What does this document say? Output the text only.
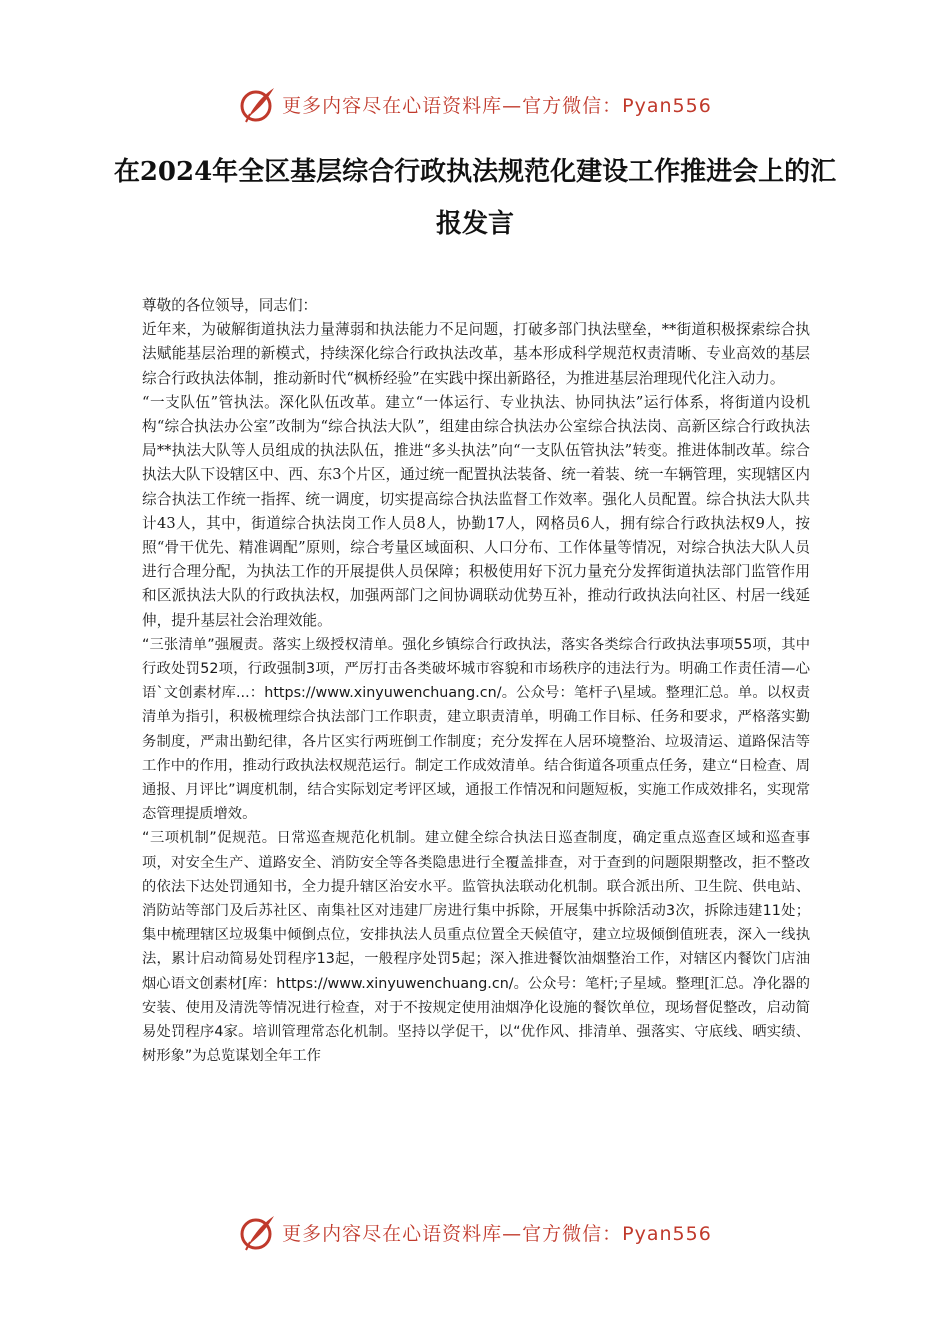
更多内容尽在心语资料库—官方微信：Pyan556
在2024年全区基层综合行政执法规范化建设工作推进会上的汇报发言

尊敬的各位领导，同志们：

近年来，为破解街道执法力量薄弱和执法能力不足问题，打破多部门执法壁垒，**街道积极探索综合执法赋能基层治理的新模式，持续深化综合行政执法改革，基本形成科学规范权责清晰、专业高效的基层综合行政执法体制，推动新时代“枫桥经验”在实践中探出新路径，为推进基层治理现代化注入动力。

“一支队伍”管执法。深化队伍改革。建立“一体运行、专业执法、协同执法”运行体系，将街道内设机构“综合执法办公室”改制为“综合执法大队”，组建由综合执法办公室综合执法岗、高新区综合行政执法局**执法大队等人员组成的执法队伍，推进“多头执法”向“一支队伍管执法”转变。推进体制改革。综合执法大队下设辖区中、西、东3个片区，通过统一配置执法装备、统一着装、统一车辆管理，实现辖区内综合执法工作统一指挥、统一调度，切实提高综合执法监督工作效率。强化人员配置。综合执法大队共计43人，其中，街道综合执法岗工作人员8人，协勤17人，网格员6人，拥有综合行政执法权9人，按照“骨干优先、精准调配”原则，综合考量区域面积、人口分布、工作体量等情况，对综合执法大队人员进行合理分配，为执法工作的开展提供人员保障；积极使用好下沉力量充分发挥街道执法部门监管作用和区派执法大队的行政执法权，加强两部门之间协调联动优势互补，推动行政执法向社区、村居一线延伸，提升基层社会治理效能。

“三张清单”强履责。落实上级授权清单。强化乡镇综合行政执法，落实各类综合行政执法事项55项，其中行政处罚52项，行政强制3项，严厉打击各类破坏城市容貌和市场秩序的违法行为。明确工作责任清—心语`文创素材库...：https://www.xinyuwenchuang.cn/。公众号：笔杆子\星域。整理汇总。单。以权责清单为指引，积极梳理综合执法部门工作职责，建立职责清单，明确工作目标、任务和要求，严格落实勤务制度，严肃出勤纪律，各片区实行两班倒工作制度；充分发挥在人居环境整治、垃圾清运、道路保洁等工作中的作用，推动行政执法权规范运行。制定工作成效清单。结合街道各项重点任务，建立“日检查、周通报、月评比”调度机制，结合实际划定考评区域，通报工作情况和问题短板，实施工作成效排名，实现常态管理提质增效。

“三项机制”促规范。日常巡查规范化机制。建立健全综合执法日巡查制度，确定重点巡查区域和巡查事项，对安全生产、道路安全、消防安全等各类隐患进行全覆盖排查，对于查到的问题限期整改，拒不整改的依法下达处罚通知书，全力提升辖区治安水平。监管执法联动化机制。联合派出所、卫生院、供电站、消防站等部门及后苏社区、南集社区对违建厂房进行集中拆除，开展集中拆除活动3次，拆除违建11处；集中梳理辖区垃圾集中倾倒点位，安排执法人员重点位置全天候值守，建立垃圾倾倒值班表，深入一线执法，累计启动简易处罚程序13起，一般程序处罚5起；深入推进餐饮油烟整治工作，对辖区内餐饮门店油烟心语文创素材[库：https://www.xinyuwenchuang.cn/。公众号：笔杆;子星域。整理[汇总。净化器的安装、使用及清洗等情况进行检查，对于不按规定使用油烟净化设施的餐饮单位，现场督促整改，启动简易处罚程序4家。培训管理常态化机制。坚持以学促干，以“优作风、排清单、强落实、守底线、晒实绩、树形象”为总览谋划全年工作

更多内容尽在心语资料库—官方微信：Pyan556
